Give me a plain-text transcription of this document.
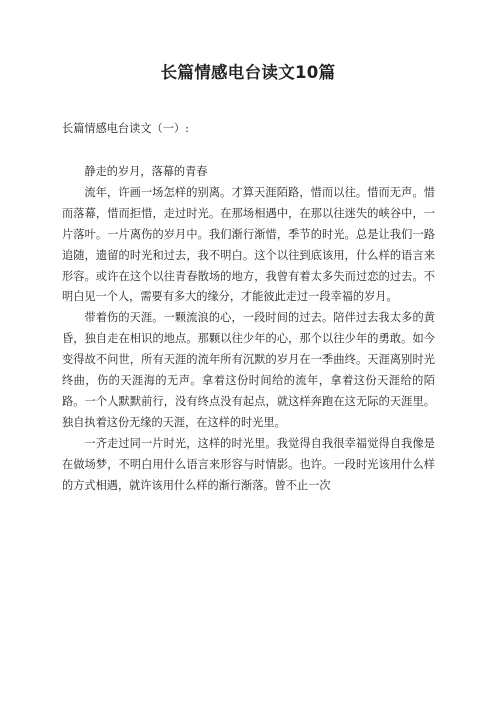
长篇情感电台读文10篇
长篇情感电台读文（一）:

静走的岁月，落幕的青春

流年，许画一场怎样的别离。才算天涯陌路，惜而以往。惜而无声。惜而落幕，惜而拒惜，走过时光。在那场相遇中，在那以往迷失的峡谷中，一片落叶。一片离伤的岁月中。我们渐行渐惜，季节的时光。总是让我们一路追随，遗留的时光和过去，我不明白。这个以往到底该用，什么样的语言来形容。或许在这个以往青春散场的地方，我曾有着太多失而过恋的过去。不明白见一个人，需要有多大的缘分，才能彼此走过一段幸福的岁月。

带着伤的天涯。一颗流浪的心，一段时间的过去。陪伴过去我太多的黄昏，独自走在相识的地点。那颗以往少年的心，那个以往少年的勇敢。如今变得故不问世，所有天涯的流年所有沉默的岁月在一季曲终。天涯离别时光终曲，伤的天涯海的无声。拿着这份时间给的流年，拿着这份天涯给的陌路。一个人默默前行，没有终点没有起点，就这样奔跑在这无际的天涯里。独自执着这份无缘的天涯，在这样的时光里。

一齐走过同一片时光，这样的时光里。我觉得自我很幸福觉得自我像是在做场梦，不明白用什么语言来形容与时情影。也许。一段时光该用什么样的方式相遇，就许该用什么样的渐行渐落。曾不止一次
